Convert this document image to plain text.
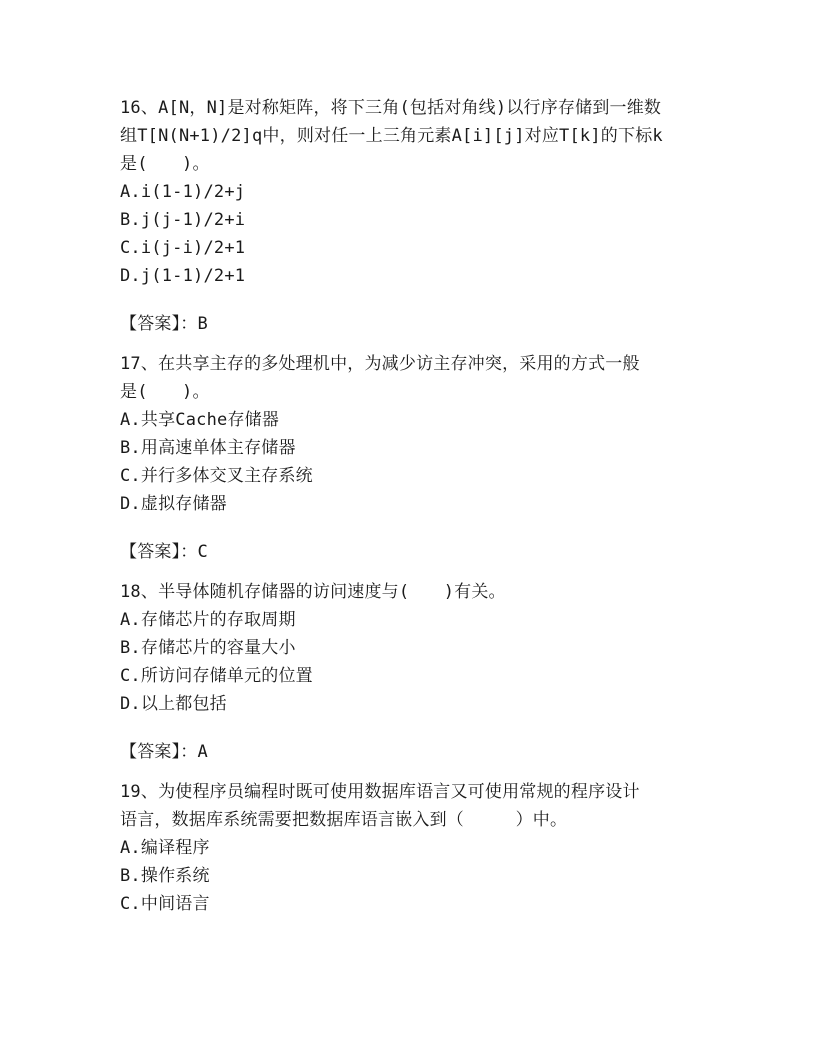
16、A[N，N]是对称矩阵，将下三角(包括对角线)以行序存储到一维数

组T[N(N+1)/2]q中，则对任一上三角元素A[i][j]对应T[k]的下标k

是(　　)。

A.i(1-1)/2+j

B.j(j-1)/2+i

C.i(j-i)/2+1

D.j(1-1)/2+1

【答案】：B

17、在共享主存的多处理机中，为减少访主存冲突，采用的方式一般

是(　　)。

A.共享Cache存储器

B.用高速单体主存储器

C.并行多体交叉主存系统

D.虚拟存储器

【答案】：C

18、半导体随机存储器的访问速度与(　　)有关。

A.存储芯片的存取周期

B.存储芯片的容量大小

C.所访问存储单元的位置

D.以上都包括

【答案】：A

19、为使程序员编程时既可使用数据库语言又可使用常规的程序设计

语言，数据库系统需要把数据库语言嵌入到（　　　）中。

A.编译程序

B.操作系统

C.中间语言
